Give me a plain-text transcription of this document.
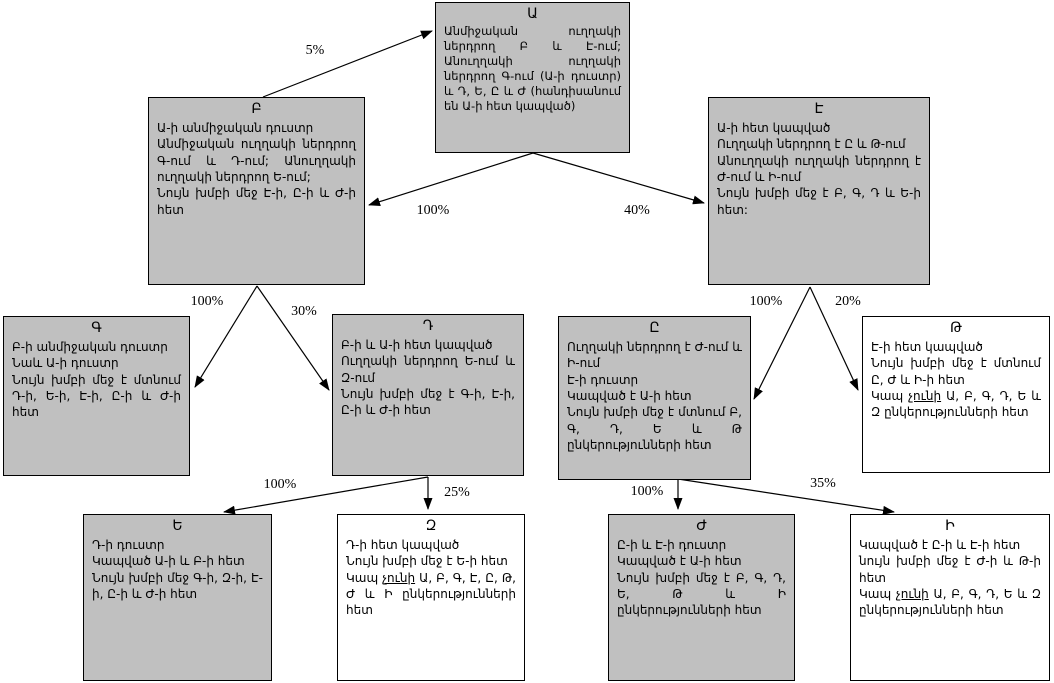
5%
100%	40%
100%
30%
100%	20%
100%
25%	100%
35%
Ա
Անմիջական ուղղակի ներդրող Բ և Է-ում; Անուղղակի ուղղակի ներդրող Գ-ում (Ա-ի դուստր) և Դ, Ե, Ը և Ժ (հանդիսանում են Ա-ի հետ կապված)
Բ
Ա-ի անմիջական դուստր
Անմիջական ուղղակի ներդրող Գ-ում և Դ-ում; Անուղղակի ուղղակի ներդրող Ե-ում;
Նույն խմբի մեջ Է-ի, Ը-ի և Ժ-ի հետ
Է
Ա-ի հետ կապված
Ուղղակի ներդրող է Ը և Թ-ում
Անուղղակի ուղղակի ներդրող է Ժ-ում և Ի-ում
Նույն խմբի մեջ է Բ, Գ, Դ և Ե-ի հետ:
Գ
Բ-ի անմիջական դուստր
Նաև Ա-ի դուստր
Նույն խմբի մեջ է մտնում Դ-ի, Ե-ի, Է-ի, Ը-ի և Ժ-ի հետ
Դ
Բ-ի և Ա-ի հետ կապված
Ուղղակի ներդրող Ե-ում և Զ-ում
Նույն խմբի մեջ է Գ-ի, Է-ի, Ը-ի և Ժ-ի հետ
Ը
Ուղղակի ներդրող է Ժ-ում և Ի-ում
Է-ի դուստր
Կապված է Ա-ի հետ
Նույն խմբի մեջ է մտնում Բ, Գ, Դ, Ե և Թ ընկերությունների հետ
Թ
Է-ի հետ կապված
Նույն խմբի մեջ է մտնում Ը, Ժ և Ի-ի հետ
Կապ չունի Ա, Բ, Գ, Դ, Ե և Զ ընկերությունների հետ
Ե
Դ-ի դուստր
Կապված Ա-ի և Բ-ի հետ
Նույն խմբի մեջ Գ-ի, Զ-ի, Է-ի, Ը-ի և Ժ-ի հետ
Զ
Դ-ի հետ կապված
Նույն խմբի մեջ է Ե-ի հետ
Կապ չունի Ա, Բ, Գ, Է, Ը, Թ, Ժ և Ի ընկերությունների հետ
Ժ
Ը-ի և Է-ի դուստր
Կապված է Ա-ի հետ
Նույն խմբի մեջ է Բ, Գ, Դ, Ե, Թ և Ի ընկերությունների հետ
Ի
Կապված է Ը-ի և Է-ի հետ
նույն խմբի մեջ է Ժ-ի և Թ-ի հետ
Կապ չունի Ա, Բ, Գ, Դ, Ե և Զ ընկերությունների հետ
